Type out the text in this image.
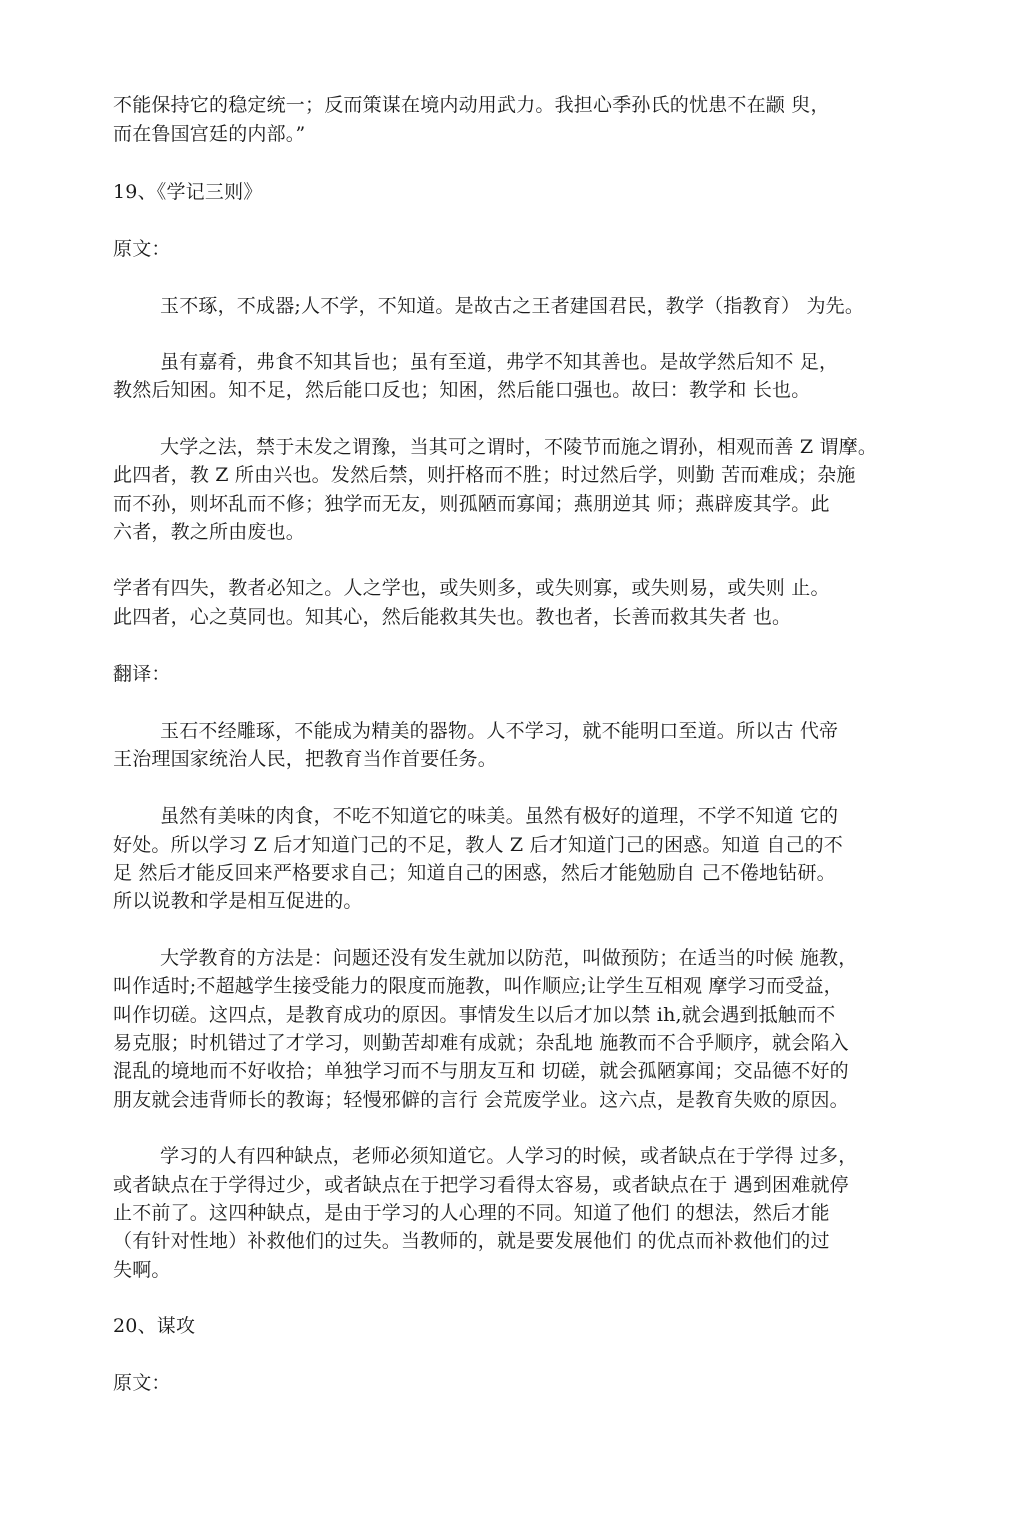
不能保持它的稳定统一；反而策谋在境内动用武力。我担心季孙氏的忧患不在颛 臾，
而在鲁国宫廷的内部。”
19、《学记三则》
原文：
玉不琢，不成器;人不学，不知道。是故古之王者建国君民，教学（指教育） 为先。
虽有嘉肴，弗食不知其旨也；虽有至道，弗学不知其善也。是故学然后知不 足，
教然后知困。知不足，然后能口反也；知困，然后能口强也。故曰：教学和 长也。
大学之法，禁于未发之谓豫，当其可之谓时，不陵节而施之谓孙，相观而善 Z 谓摩。
此四者，教 Z 所由兴也。发然后禁，则扞格而不胜；时过然后学，则勤 苦而难成；杂施
而不孙，则坏乱而不修；独学而无友，则孤陋而寡闻；燕朋逆其 师；燕辟废其学。此
六者，教之所由废也。
学者有四失，教者必知之。人之学也，或失则多，或失则寡，或失则易，或失则 止。
此四者，心之莫同也。知其心，然后能救其失也。教也者，长善而救其失者 也。
翻译：
玉石不经雕琢，不能成为精美的器物。人不学习，就不能明口至道。所以古 代帝
王治理国家统治人民，把教育当作首要任务。
虽然有美味的肉食，不吃不知道它的味美。虽然有极好的道理，不学不知道 它的
好处。所以学习 Z 后才知道门己的不足，教人 Z 后才知道门己的困惑。知道 自己的不
足 然后才能反回来严格要求自己；知道自己的困惑，然后才能勉励自 己不倦地钻研。
所以说教和学是相互促进的。
大学教育的方法是：问题还没有发生就加以防范，叫做预防；在适当的吋候 施教，
叫作适时;不超越学生接受能力的限度而施教，叫作顺应;让学生互相观 摩学习而受益，
叫作切磋。这四点，是教育成功的原因。事情发生以后才加以禁 ih,就会遇到抵触而不
易克服；时机错过了才学习，则勤苦却难有成就；杂乱地 施教而不合乎顺序，就会陷入
混乱的境地而不好收拾；单独学习而不与朋友互和 切磋，就会孤陋寡闻；交品德不好的
朋友就会违背师长的教诲；轻慢邪僻的言行 会荒废学业。这六点，是教育失败的原因。
学习的人有四种缺点，老师必须知道它。人学习的时候，或者缺点在于学得 过多，
或者缺点在于学得过少，或者缺点在于把学习看得太容易，或者缺点在于 遇到困难就停
止不前了。这四种缺点，是由于学习的人心理的不同。知道了他们 的想法，然后才能
（有针对性地）补救他们的过失。当教师的，就是要发展他们 的优点而补救他们的过
失啊。
20、谋攻
原文：
